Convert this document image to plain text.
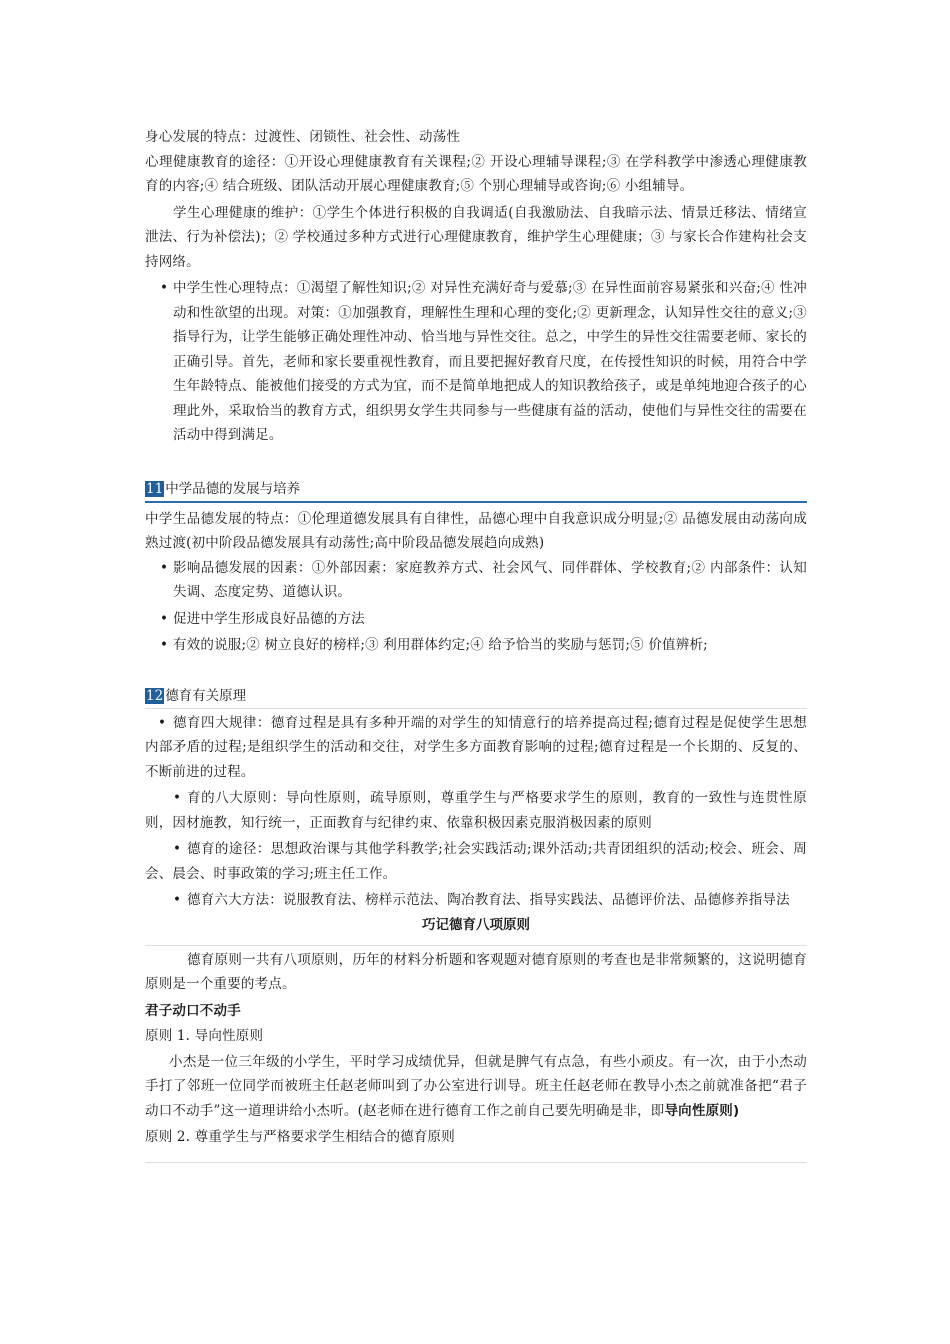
身心发展的特点：过渡性、闭锁性、社会性、动荡性

心理健康教育的途径：①开设心理健康教育有关课程;② 开设心理辅导课程;③ 在学科教学中渗透心理健康教育的内容;④ 结合班级、团队活动开展心理健康教育;⑤ 个别心理辅导或咨询;⑥ 小组辅导。

学生心理健康的维护：①学生个体进行积极的自我调适(自我激励法、自我暗示法、情景迁移法、情绪宣泄法、行为补偿法)；② 学校通过多种方式进行心理健康教育，维护学生心理健康；③ 与家长合作建构社会支持网络。

• 中学生性心理特点：①渴望了解性知识;② 对异性充满好奇与爱慕;③ 在异性面前容易紧张和兴奋;④ 性冲动和性欲望的出现。对策：①加强教育，理解性生理和心理的变化;② 更新理念，认知异性交往的意义;③ 指导行为，让学生能够正确处理性冲动、恰当地与异性交往。总之，中学生的异性交往需要老师、家长的正确引导。首先，老师和家长要重视性教育，而且要把握好教育尺度，在传授性知识的时候，用符合中学生年龄特点、能被他们接受的方式为宜，而不是简单地把成人的知识教给孩子，或是单纯地迎合孩子的心理此外，采取恰当的教育方式，组织男女学生共同参与一些健康有益的活动，使他们与异性交往的需要在活动中得到满足。

11 中学品德的发展与培养

中学生品德发展的特点：①伦理道德发展具有自律性，品德心理中自我意识成分明显;② 品德发展由动荡向成熟过渡(初中阶段品德发展具有动荡性;高中阶段品德发展趋向成熟)

• 影响品德发展的因素：①外部因素：家庭教养方式、社会风气、同伴群体、学校教育;② 内部条件：认知失调、态度定势、道德认识。

• 促进中学生形成良好品德的方法

• 有效的说服;② 树立良好的榜样;③ 利用群体约定;④ 给予恰当的奖励与惩罚;⑤ 价值辨析;

12 德育有关原理

• 德育四大规律：德育过程是具有多种开端的对学生的知情意行的培养提高过程;德育过程是促使学生思想内部矛盾的过程;是组织学生的活动和交往，对学生多方面教育影响的过程;德育过程是一个长期的、反复的、不断前进的过程。

• 育的八大原则：导向性原则，疏导原则，尊重学生与严格要求学生的原则，教育的一致性与连贯性原则，因材施教，知行统一，正面教育与纪律约束、依靠积极因素克服消极因素的原则

• 德育的途径：思想政治课与其他学科教学;社会实践活动;课外活动;共青团组织的活动;校会、班会、周会、晨会、时事政策的学习;班主任工作。

• 德育六大方法：说服教育法、榜样示范法、陶冶教育法、指导实践法、品德评价法、品德修养指导法

巧记德育八项原则

德育原则一共有八项原则，历年的材料分析题和客观题对德育原则的考查也是非常频繁的，这说明德育原则是一个重要的考点。

君子动口不动手

原则 1. 导向性原则

小杰是一位三年级的小学生，平时学习成绩优异，但就是脾气有点急，有些小顽皮。有一次，由于小杰动手打了邻班一位同学而被班主任赵老师叫到了办公室进行训导。班主任赵老师在教导小杰之前就准备把“君子动口不动手”这一道理讲给小杰听。(赵老师在进行德育工作之前自己要先明确是非，即导向性原则)

原则 2. 尊重学生与严格要求学生相结合的德育原则
